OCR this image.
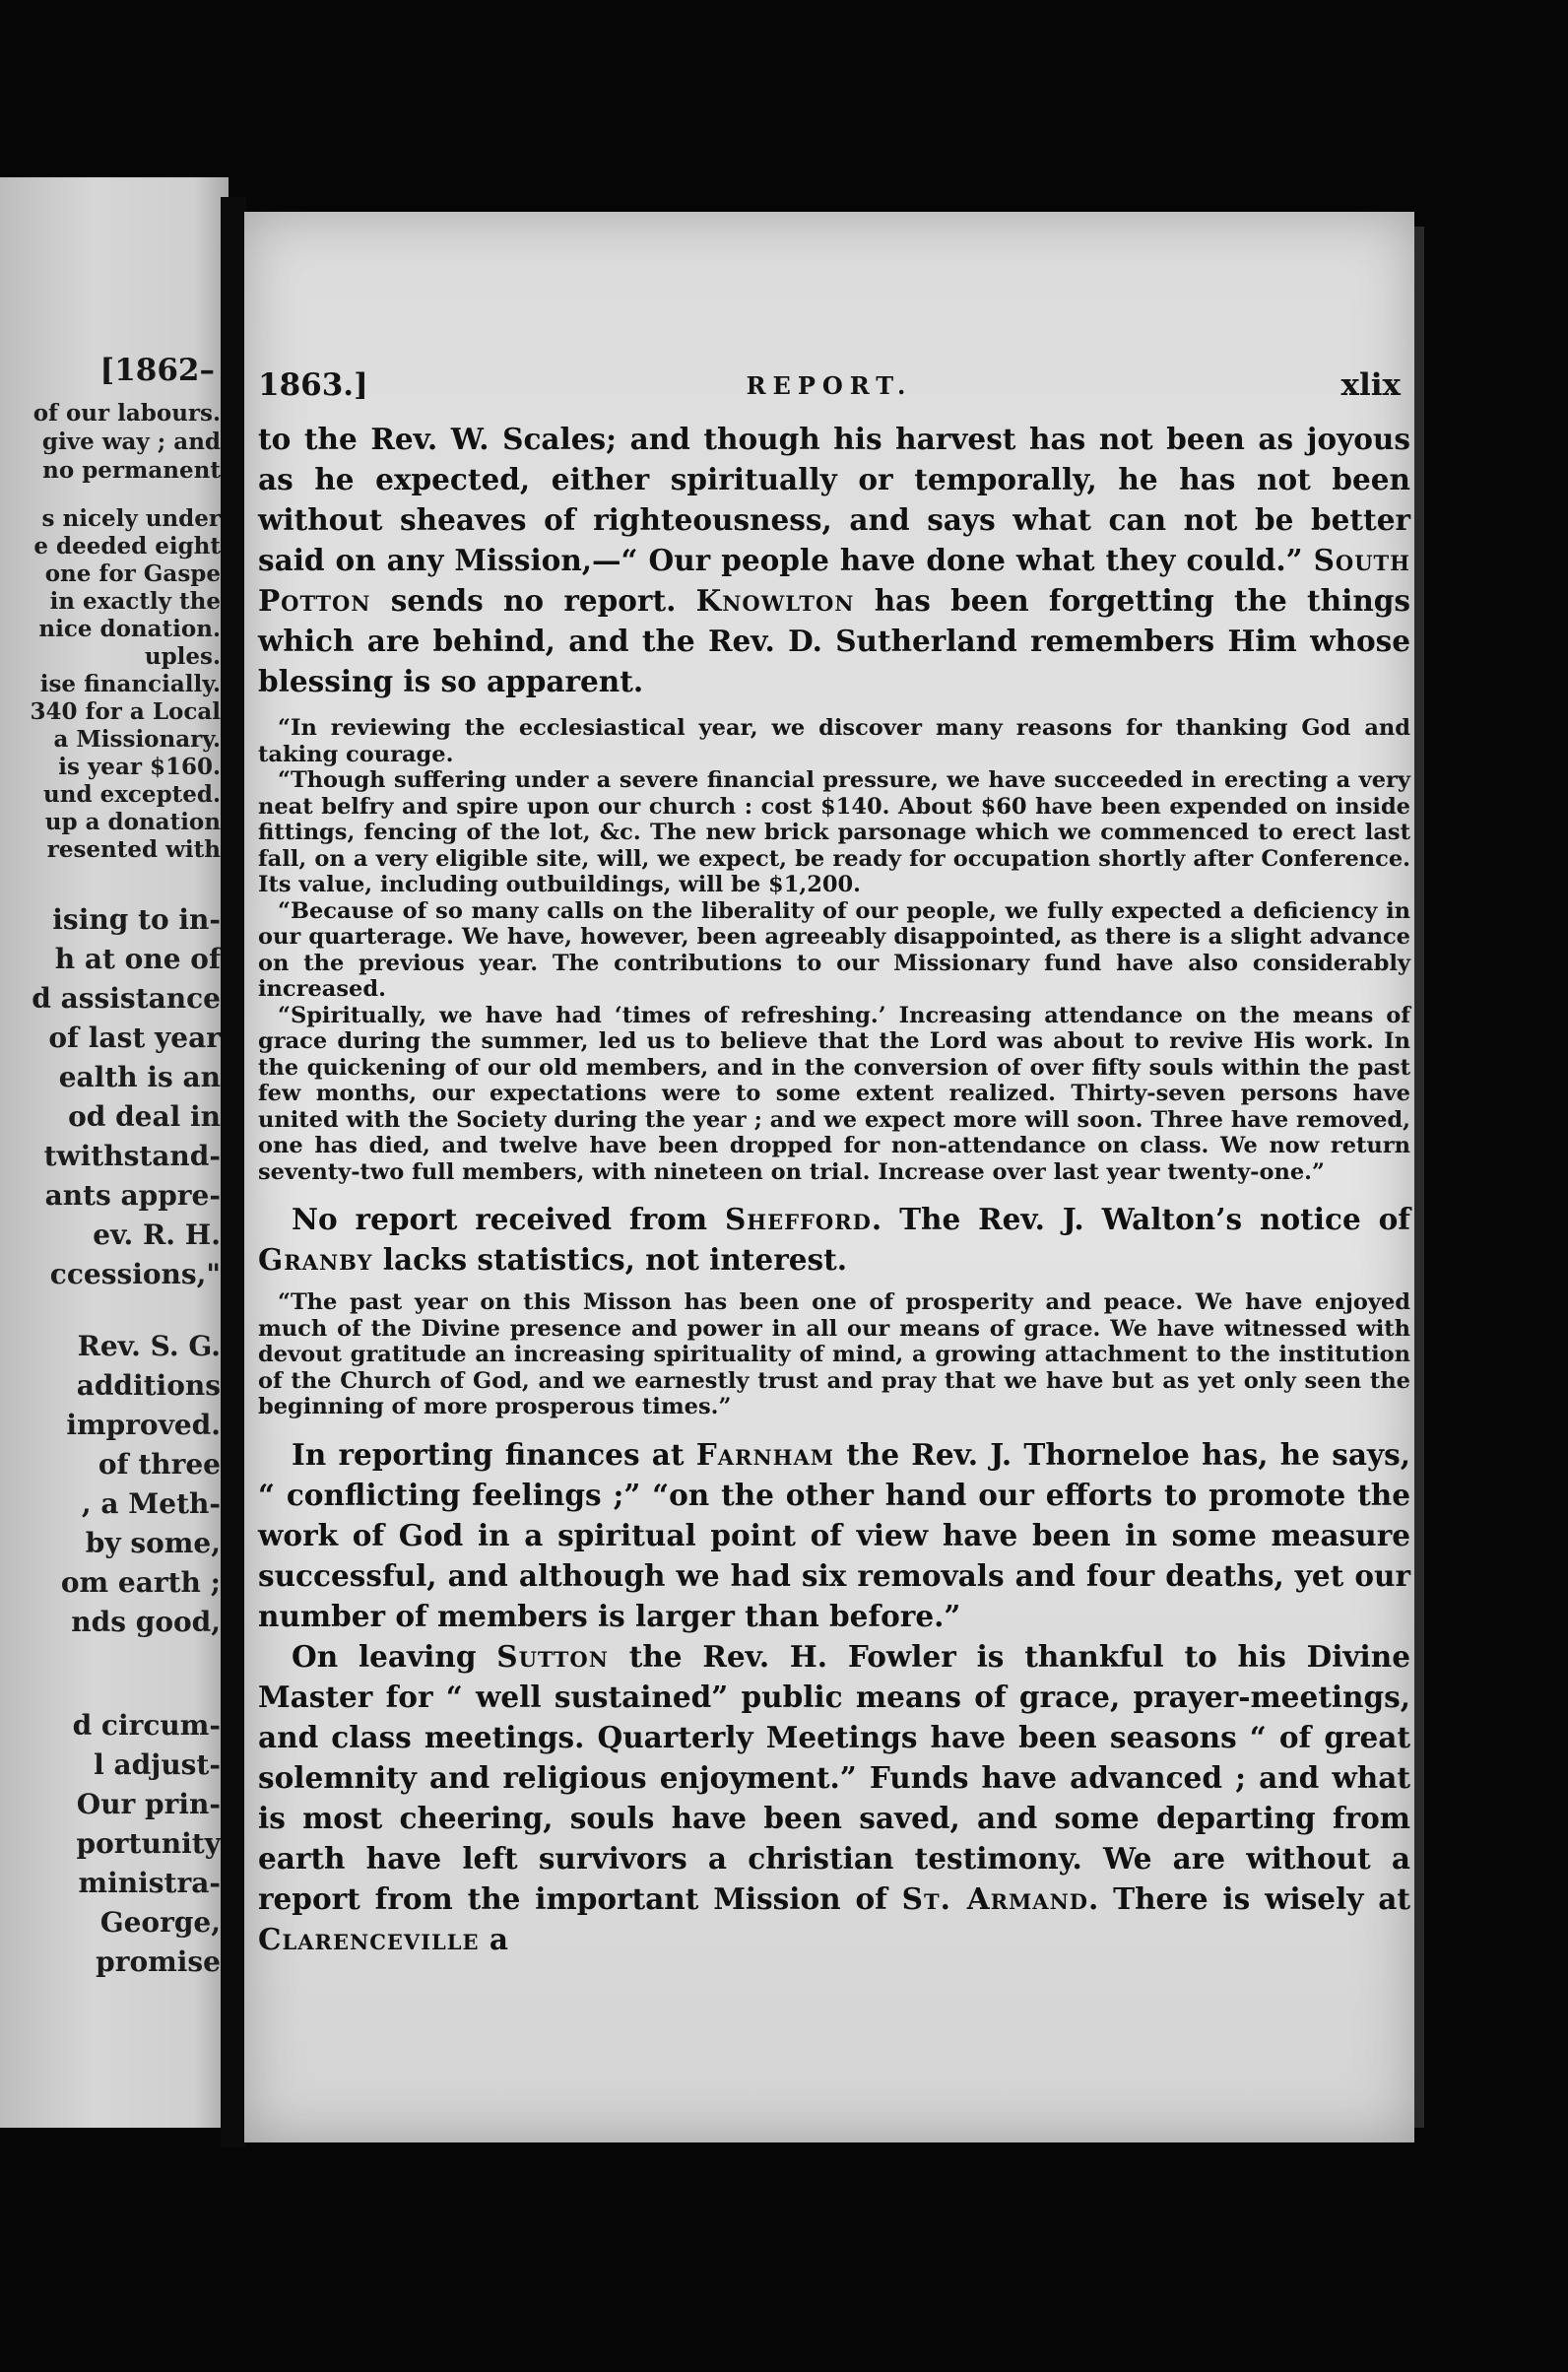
[1862–
of our labours.
give way ; and
no permanent
s nicely under
e deeded eight
one for Gaspe
in exactly the
nice donation.
uples.
ise financially.
340 for a Local
a Missionary.
is year $160.
und excepted.
up a donation
resented with
ising to in-
h at one of
d assistance
of last year
ealth is an
od deal in
twithstand-
ants appre-
ev. R. H.
ccessions,"
Rev. S. G.
additions
improved.
of three
, a Meth-
by some,
om earth ;
nds good,
d circum-
l adjust-
Our prin-
portunity
ministra-
George,
promise
1863.]	REPORT.	xlix

to the Rev. W. Scales; and though his harvest has not been as joyous as he expected, either spiritually or temporally, he has not been without sheaves of righteousness, and says what can not be better said on any Mission,—“ Our people have done what they could.” South Potton sends no report. Knowlton has been forgetting the things which are behind, and the Rev. D. Sutherland remembers Him whose blessing is so apparent.

“In reviewing the ecclesiastical year, we discover many reasons for thanking God and taking courage.

“Though suffering under a severe financial pressure, we have succeeded in erecting a very neat belfry and spire upon our church : cost $140. About $60 have been expended on inside fittings, fencing of the lot, &c. The new brick parsonage which we commenced to erect last fall, on a very eligible site, will, we expect, be ready for occupation shortly after Conference. Its value, including outbuildings, will be $1,200.

“Because of so many calls on the liberality of our people, we fully expected a deficiency in our quarterage. We have, however, been agreeably disappointed, as there is a slight advance on the previous year. The contributions to our Missionary fund have also considerably increased.

“Spiritually, we have had ‘times of refreshing.’ Increasing attendance on the means of grace during the summer, led us to believe that the Lord was about to revive His work. In the quickening of our old members, and in the conversion of over fifty souls within the past few months, our expectations were to some extent realized. Thirty-seven persons have united with the Society during the year ; and we expect more will soon. Three have removed, one has died, and twelve have been dropped for non-attendance on class. We now return seventy-two full members, with nineteen on trial. Increase over last year twenty-one.”

No report received from Shefford. The Rev. J. Walton’s notice of Granby lacks statistics, not interest.

“The past year on this Misson has been one of prosperity and peace. We have enjoyed much of the Divine presence and power in all our means of grace. We have witnessed with devout gratitude an increasing spirituality of mind, a growing attachment to the institution of the Church of God, and we earnestly trust and pray that we have but as yet only seen the beginning of more prosperous times.”

In reporting finances at Farnham the Rev. J. Thorneloe has, he says, “ conflicting feelings ;” “on the other hand our efforts to promote the work of God in a spiritual point of view have been in some measure successful, and although we had six removals and four deaths, yet our number of members is larger than before.”

On leaving Sutton the Rev. H. Fowler is thankful to his Divine Master for “ well sustained” public means of grace, prayer-meetings, and class meetings. Quarterly Meetings have been seasons “ of great solemnity and religious enjoyment.” Funds have advanced ; and what is most cheering, souls have been saved, and some departing from earth have left survivors a christian testimony. We are without a report from the important Mission of St. Armand. There is wisely at Clarenceville a
